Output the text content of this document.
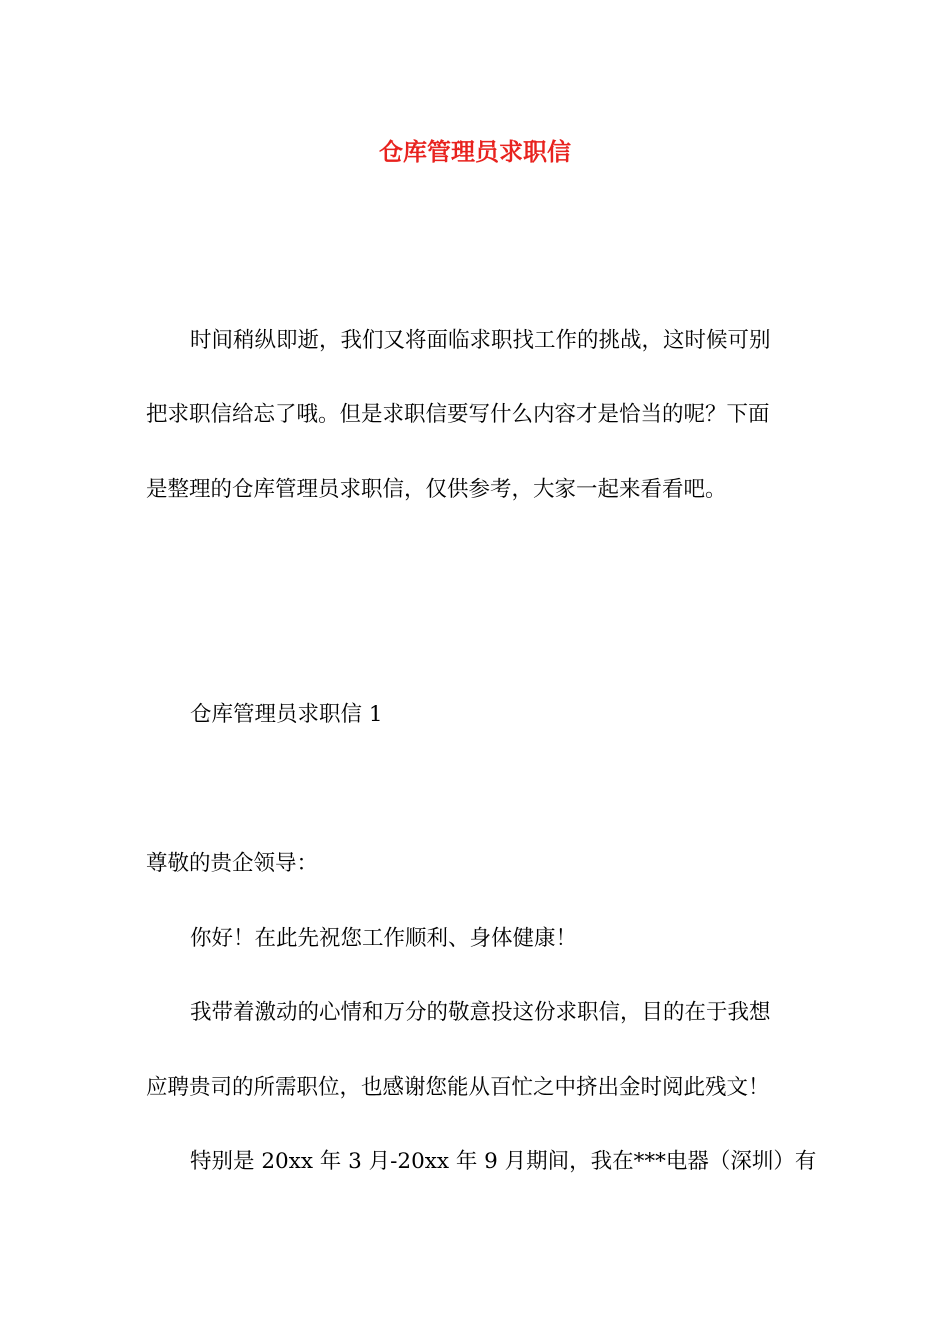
仓库管理员求职信
时间稍纵即逝，我们又将面临求职找工作的挑战，这时候可别
把求职信给忘了哦。但是求职信要写什么内容才是恰当的呢？下面
是整理的仓库管理员求职信，仅供参考，大家一起来看看吧。
仓库管理员求职信 1
尊敬的贵企领导：
你好！在此先祝您工作顺利、身体健康！
我带着激动的心情和万分的敬意投这份求职信，目的在于我想
应聘贵司的所需职位，也感谢您能从百忙之中挤出金时阅此残文！
特别是 20xx 年 3 月-20xx 年 9 月期间，我在***电器（深圳）有
